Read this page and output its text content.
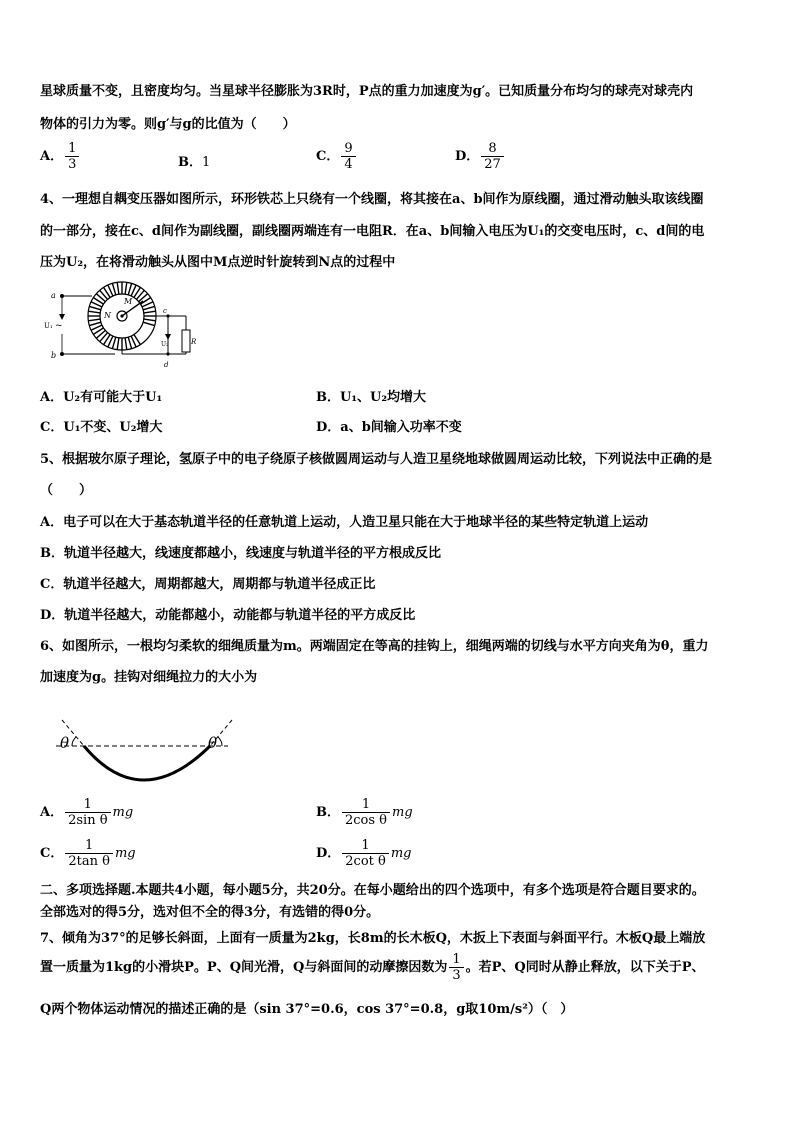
星球质量不变，且密度均匀。当星球半径膨胀为3R时，P点的重力加速度为g′。已知质量分布均匀的球壳对球壳内
物体的引力为零。则g′与g的比值为（　　）
A． $\frac{1}{3}$	B．1	C． $\frac{9}{4}$	D． $\frac{8}{27}$
4、一理想自耦变压器如图所示，环形铁芯上只绕有一个线圈，将其接在a、b间作为原线圈，通过滑动触头取该线圈
的一部分，接在c、d间作为副线圈，副线圈两端连有一电阻R．在a、b间输入电压为U₁的交变电压时，c、d间的电
压为U₂，在将滑动触头从图中M点逆时针旋转到N点的过程中
a
b
U₁ ~
M
N	c
d
U₂	R
A．U₂有可能大于U₁	B．U₁、U₂均增大
C．U₁不变、U₂增大	D．a、b间输入功率不变
5、根据玻尔原子理论，氢原子中的电子绕原子核做圆周运动与人造卫星绕地球做圆周运动比较，下列说法中正确的是
（　　）
A．电子可以在大于基态轨道半径的任意轨道上运动，人造卫星只能在大于地球半径的某些特定轨道上运动
B．轨道半径越大，线速度都越小，线速度与轨道半径的平方根成反比
C．轨道半径越大，周期都越大，周期都与轨道半径成正比
D．轨道半径越大，动能都越小，动能都与轨道半径的平方成反比
6、如图所示，一根均匀柔软的细绳质量为m。两端固定在等高的挂钩上，细绳两端的切线与水平方向夹角为θ，重力
加速度为g。挂钩对细绳拉力的大小为
θ	θ
A． $\frac{1}{\text{2sin θ}}$ mg	B． $\frac{1}{\text{2cos θ}}$ mg
C． $\frac{1}{\text{2tan θ}}$ mg	D． $\frac{1}{\text{2cot θ}}$ mg
二、多项选择题.本题共4小题，每小题5分，共20分。在每小题给出的四个选项中，有多个选项是符合题目要求的。
全部选对的得5分，选对但不全的得3分，有选错的得0分。
7、倾角为37°的足够长斜面，上面有一质量为2kg，长8m的长木板Q，木扳上下表面与斜面平行。木板Q最上端放
置一质量为1kg的小滑块P。P、Q间光滑，Q与斜面间的动摩擦因数为 $\frac{1}{3}$ 。若P、Q同时从静止释放，以下关于P、
Q两个物体运动情况的描述正确的是（sin 37°=0.6，cos 37°=0.8，g取10m/s²）（　）
